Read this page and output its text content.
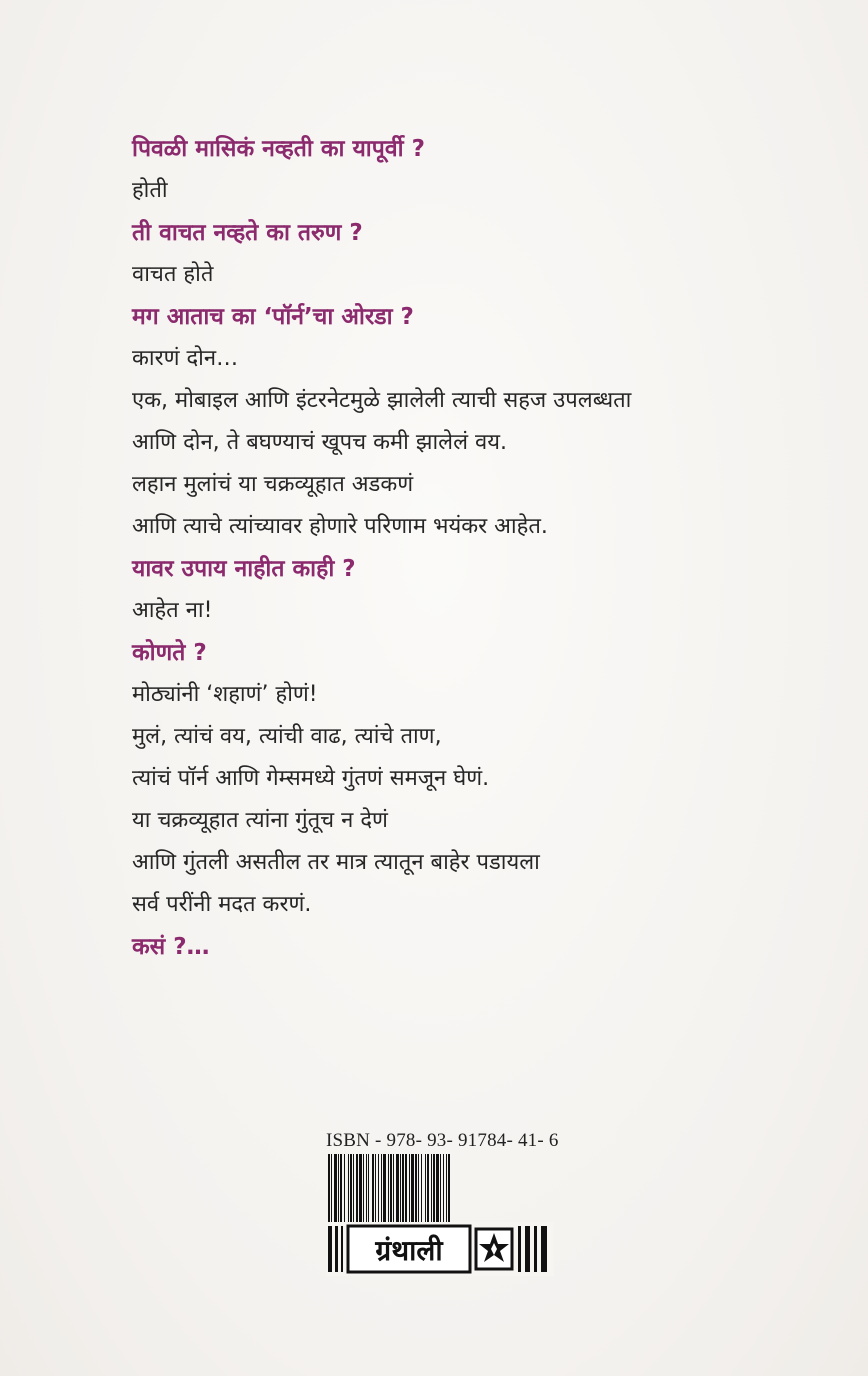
पिवळी मासिकं नव्हती का यापूर्वी ?
होती
ती वाचत नव्हते का तरुण ?
वाचत होते
मग आताच का ‘पॉर्न’चा ओरडा ?
कारणं दोन…
एक, मोबाइल आणि इंटरनेटमुळे झालेली त्याची सहज उपलब्धता
आणि दोन, ते बघण्याचं खूपच कमी झालेलं वय.
लहान मुलांचं या चक्रव्यूहात अडकणं
आणि त्याचे त्यांच्यावर होणारे परिणाम भयंकर आहेत.
यावर उपाय नाहीत काही ?
आहेत ना!
कोणते ?
मोठ्यांनी ‘शहाणं’ होणं!
मुलं, त्यांचं वय, त्यांची वाढ, त्यांचे ताण,
त्यांचं पॉर्न आणि गेम्समध्ये गुंतणं समजून घेणं.
या चक्रव्यूहात त्यांना गुंतूच न देणं
आणि गुंतली असतील तर मात्र त्यातून बाहेर पडायला
सर्व परींनी मदत करणं.
कसं ?…
ISBN - 978- 93- 91784- 41- 6
ग्रंथाली
